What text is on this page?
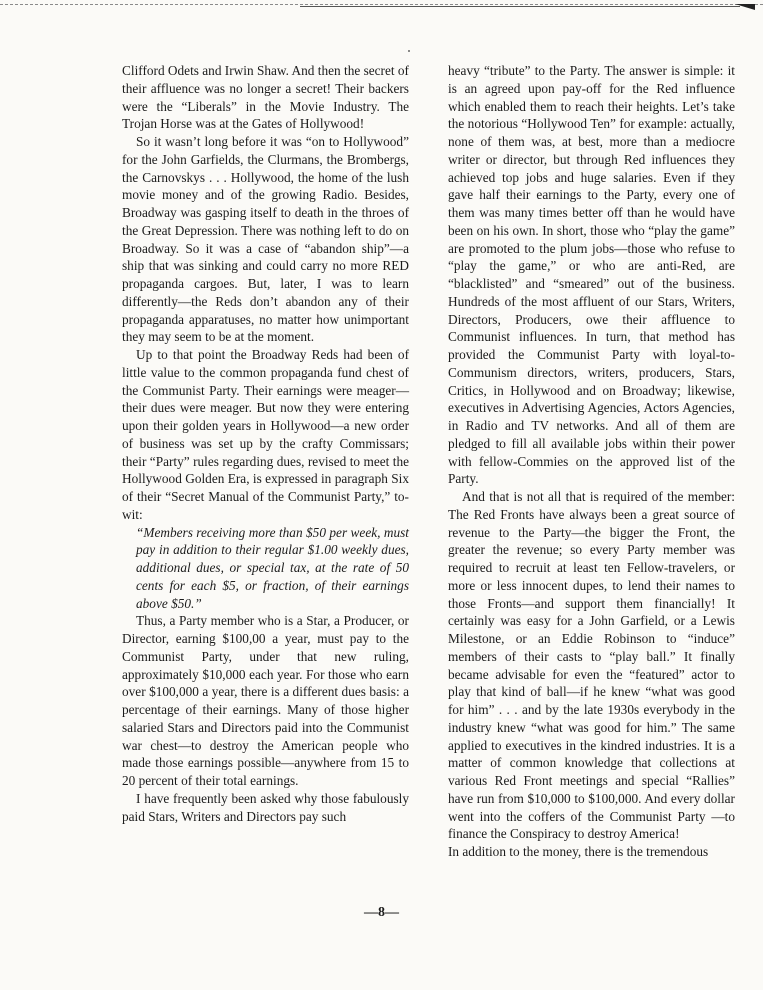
Clifford Odets and Irwin Shaw. And then the secret of their affluence was no longer a secret! Their backers were the “Liberals” in the Movie Industry. The Trojan Horse was at the Gates of Hollywood!

So it wasn’t long before it was “on to Hollywood” for the John Garfields, the Clurmans, the Brombergs, the Carnovskys . . . Hollywood, the home of the lush movie money and of the growing Radio. Besides, Broadway was gasping itself to death in the throes of the Great Depression. There was nothing left to do on Broadway. So it was a case of “abandon ship”—a ship that was sinking and could carry no more RED propaganda cargoes. But, later, I was to learn differently—the Reds don’t abandon any of their propaganda apparatuses, no matter how unimportant they may seem to be at the moment.

Up to that point the Broadway Reds had been of little value to the common propaganda fund chest of the Communist Party. Their earnings were meager—their dues were meager. But now they were entering upon their golden years in Hollywood—a new order of business was set up by the crafty Commissars; their “Party” rules regarding dues, revised to meet the Hollywood Golden Era, is expressed in paragraph Six of their “Secret Manual of the Communist Party,” to-wit:

“Members receiving more than $50 per week, must pay in addition to their regular $1.00 weekly dues, additional dues, or special tax, at the rate of 50 cents for each $5, or fraction, of their earnings above $50.”

Thus, a Party member who is a Star, a Producer, or Director, earning $100,00 a year, must pay to the Communist Party, under that new ruling, approximately $10,000 each year. For those who earn over $100,000 a year, there is a different dues basis: a percentage of their earnings. Many of those higher salaried Stars and Directors paid into the Communist war chest—to destroy the American people who made those earnings possible—anywhere from 15 to 20 percent of their total earnings.

I have frequently been asked why those fabulously paid Stars, Writers and Directors pay such

heavy “tribute” to the Party. The answer is simple: it is an agreed upon pay-off for the Red influence which enabled them to reach their heights. Let’s take the notorious “Hollywood Ten” for example: actually, none of them was, at best, more than a mediocre writer or director, but through Red influences they achieved top jobs and huge salaries. Even if they gave half their earnings to the Party, every one of them was many times better off than he would have been on his own. In short, those who “play the game” are promoted to the plum jobs—those who refuse to “play the game,” or who are anti-Red, are “blacklisted” and “smeared” out of the business. Hundreds of the most affluent of our Stars, Writers, Directors, Producers, owe their affluence to Communist influences. In turn, that method has provided the Communist Party with loyal-to-Communism directors, writers, producers, Stars, Critics, in Hollywood and on Broadway; likewise, executives in Advertising Agencies, Actors Agencies, in Radio and TV networks. And all of them are pledged to fill all available jobs within their power with fellow-Commies on the approved list of the Party.

And that is not all that is required of the member: The Red Fronts have always been a great source of revenue to the Party—the bigger the Front, the greater the revenue; so every Party member was required to recruit at least ten Fellow-travelers, or more or less innocent dupes, to lend their names to those Fronts—and support them financially! It certainly was easy for a John Garfield, or a Lewis Milestone, or an Eddie Robinson to “induce” members of their casts to “play ball.” It finally became advisable for even the “featured” actor to play that kind of ball—if he knew “what was good for him” . . . and by the late 1930s everybody in the industry knew “what was good for him.” The same applied to executives in the kindred industries. It is a matter of common knowledge that collections at various Red Front meetings and special “Rallies” have run from $10,000 to $100,000. And every dollar went into the coffers of the Communist Party —to finance the Conspiracy to destroy America!

In addition to the money, there is the tremendous

—8—
